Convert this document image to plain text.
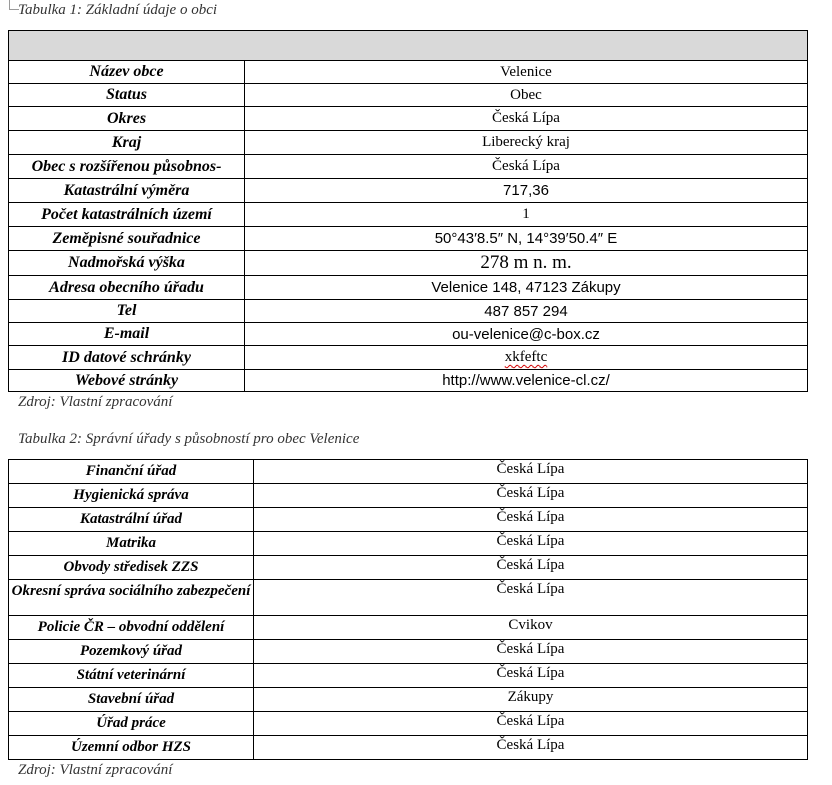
Tabulka 1: Základní údaje o obci

Název obce	Velenice
Status	Obec
Okres	Česká Lípa
Kraj	Liberecký kraj
Obec s rozšířenou působnos-	Česká Lípa
Katastrální výměra	717,36
Počet katastrálních území	1
Zeměpisné souřadnice	50°43′8.5″ N, 14°39′50.4″ E
Nadmořská výška	278 m n. m.
Adresa obecního úřadu	Velenice 148, 47123 Zákupy
Tel	487 857 294
E-mail	ou-velenice@c-box.cz
ID datové schránky	xkfeftc
Webové stránky	http://www.velenice-cl.cz/
Zdroj: Vlastní zpracování
Tabulka 2: Správní úřady s působností pro obec Velenice
Finanční úřad	Česká Lípa
Hygienická správa	Česká Lípa
Katastrální úřad	Česká Lípa
Matrika	Česká Lípa
Obvody středisek ZZS	Česká Lípa
Okresní správa sociálního zabezpečení	Česká Lípa
Policie ČR – obvodní oddělení	Cvikov
Pozemkový úřad	Česká Lípa
Státní veterinární	Česká Lípa
Stavební úřad	Zákupy
Úřad práce	Česká Lípa
Územní odbor HZS	Česká Lípa
Zdroj: Vlastní zpracování
